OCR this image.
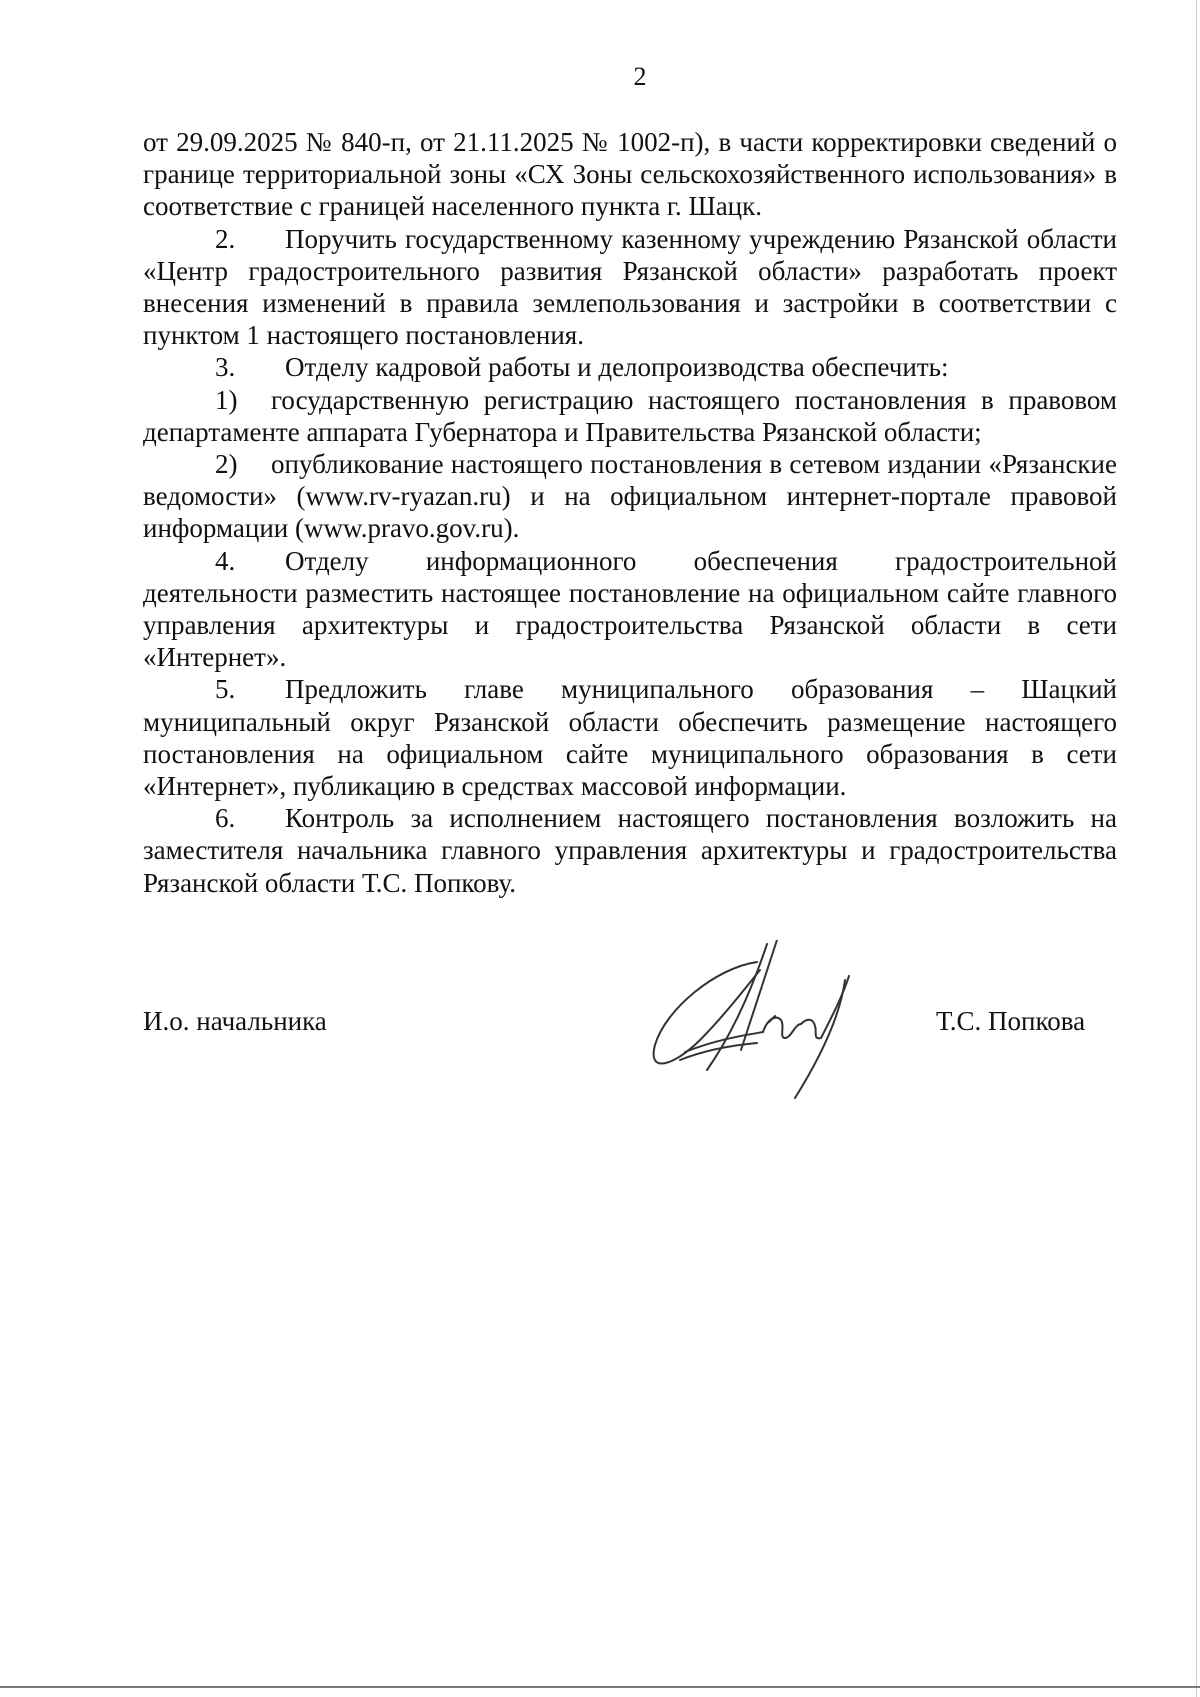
2

от 29.09.2025 № 840-п, от 21.11.2025 № 1002-п), в части корректировки сведений о границе территориальной зоны «СХ Зоны сельскохозяйственного использования» в соответствие с границей населенного пункта г. Шацк.

2. Поручить государственному казенному учреждению Рязанской области «Центр градостроительного развития Рязанской области» разработать проект внесения изменений в правила землепользования и застройки в соответствии с пунктом 1 настоящего постановления.

3. Отделу кадровой работы и делопроизводства обеспечить:

1) государственную регистрацию настоящего постановления в правовом департаменте аппарата Губернатора и Правительства Рязанской области;

2) опубликование настоящего постановления в сетевом издании «Рязанские ведомости» (www.rv-ryazan.ru) и на официальном интернет-портале правовой информации (www.pravo.gov.ru).

4. Отделу информационного обеспечения градостроительной деятельности разместить настоящее постановление на официальном сайте главного управления архитектуры и градостроительства Рязанской области в сети «Интернет».

5. Предложить главе муниципального образования – Шацкий муниципальный округ Рязанской области обеспечить размещение настоящего постановления на официальном сайте муниципального образования в сети «Интернет», публикацию в средствах массовой информации.

6. Контроль за исполнением настоящего постановления возложить на заместителя начальника главного управления архитектуры и градостроительства Рязанской области Т.С. Попкову.

И.о. начальника	Т.С. Попкова
